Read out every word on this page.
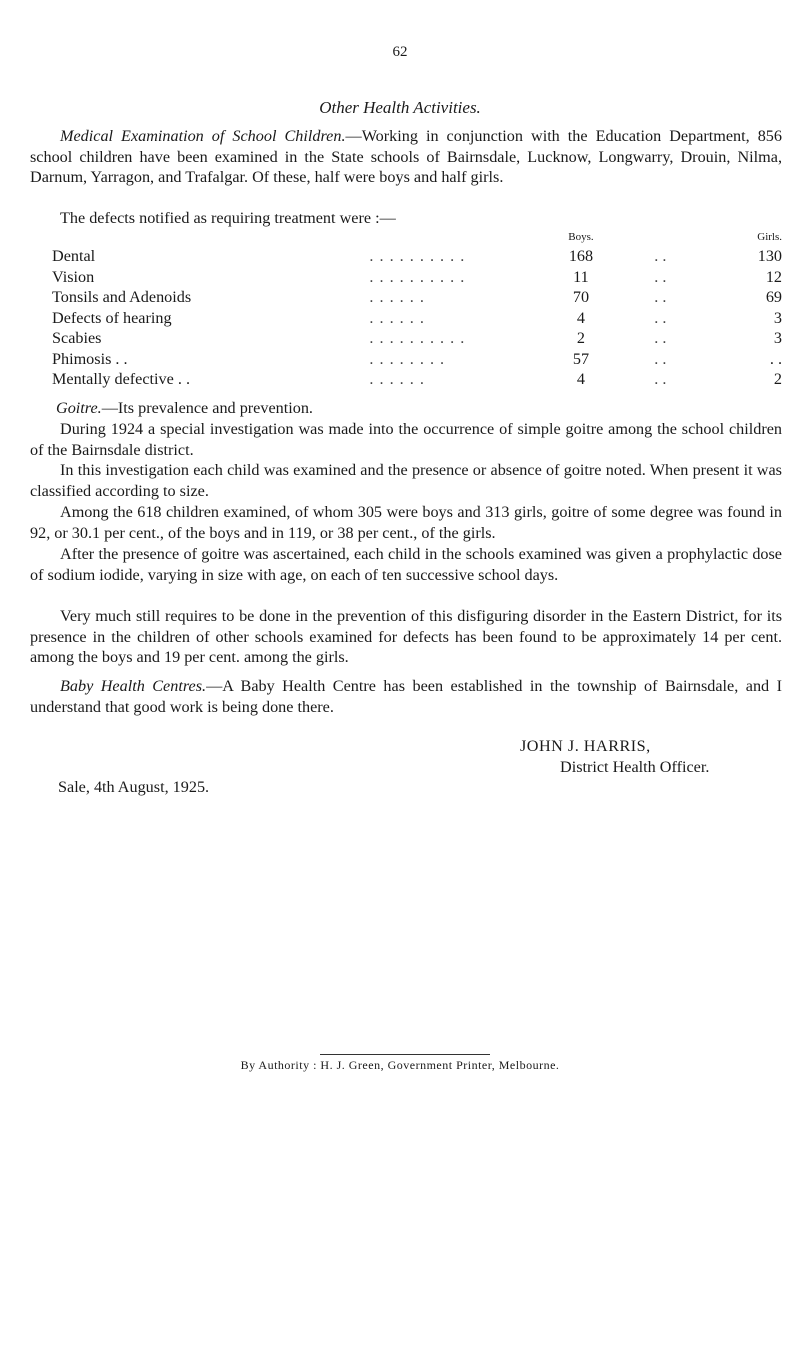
62
Other Health Activities.

Medical Examination of School Children.—Working in conjunction with the Education Department, 856 school children have been examined in the State schools of Bairnsdale, Lucknow, Longwarry, Drouin, Nilma, Darnum, Yarragon, and Trafalgar. Of these, half were boys and half girls.

The defects notified as requiring treatment were :—

		Boys.		Girls.
Dental	. . . . . . . . . .	168	. .	130
Vision	. . . . . . . . . .	11	. .	12
Tonsils and Adenoids	. . . . . .	70	. .	69
Defects of hearing	. . . . . .	4	. .	3
Scabies	. . . . . . . . . .	2	. .	3
Phimosis . .	. . . . . . . .	57	. .	. .
Mentally defective . .	. . . . . .	4	. .	2

Goitre.—Its prevalence and prevention.

During 1924 a special investigation was made into the occurrence of simple goitre among the school children of the Bairnsdale district.

In this investigation each child was examined and the presence or absence of goitre noted. When present it was classified according to size.

Among the 618 children examined, of whom 305 were boys and 313 girls, goitre of some degree was found in 92, or 30.1 per cent., of the boys and in 119, or 38 per cent., of the girls.

After the presence of goitre was ascertained, each child in the schools examined was given a prophylactic dose of sodium iodide, varying in size with age, on each of ten successive school days.

Very much still requires to be done in the prevention of this disfiguring disorder in the Eastern District, for its presence in the children of other schools examined for defects has been found to be approximately 14 per cent. among the boys and 19 per cent. among the girls.

Baby Health Centres.—A Baby Health Centre has been established in the township of Bairnsdale, and I understand that good work is being done there.

JOHN J. HARRIS,
District Health Officer.
Sale, 4th August, 1925.
By Authority : H. J. Green, Government Printer, Melbourne.
